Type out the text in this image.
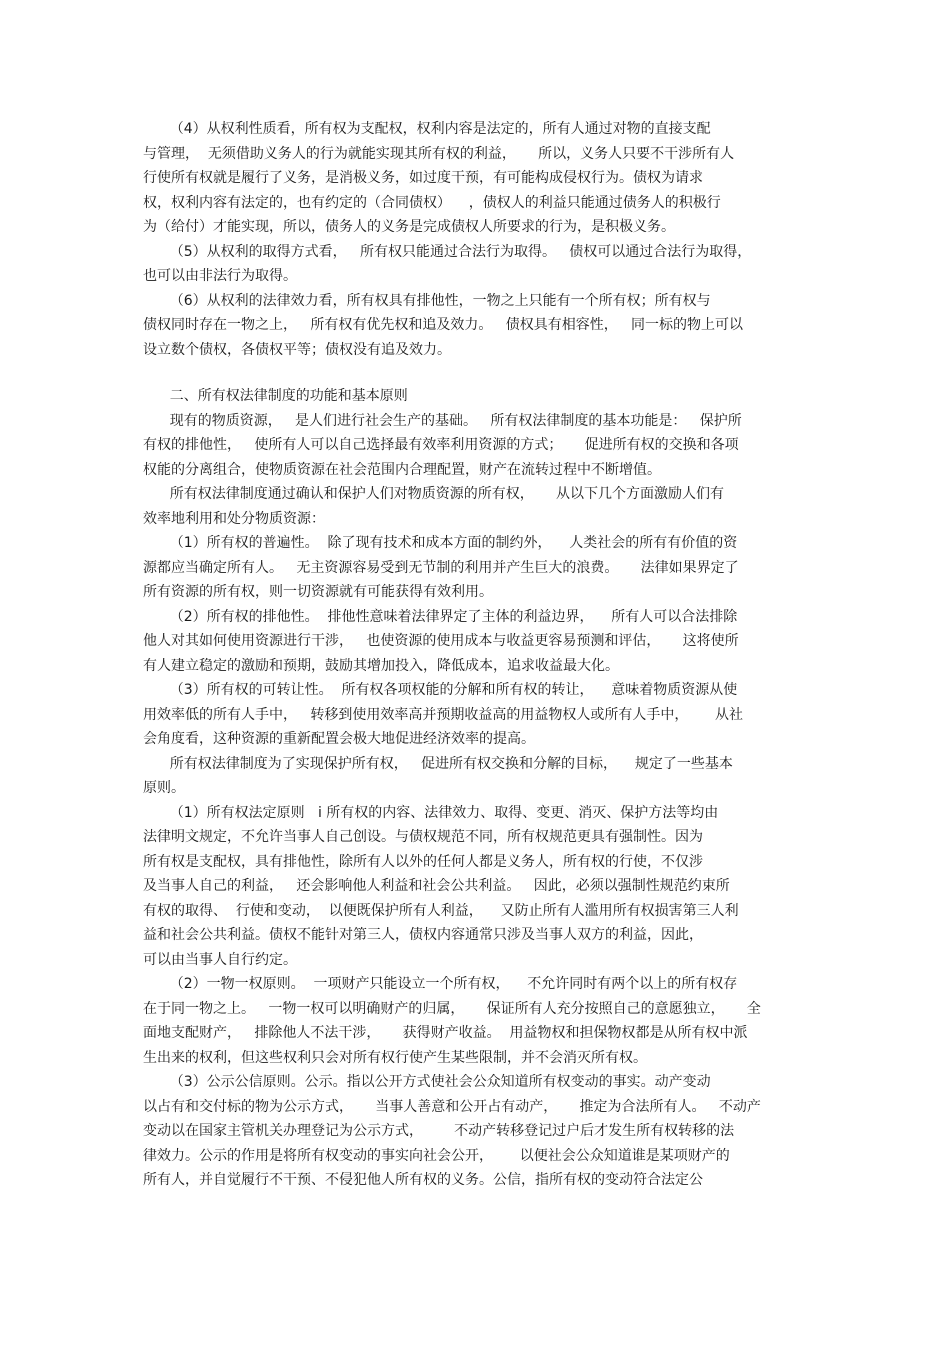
（4）从权利性质看，所有权为支配权，权利内容是法定的，所有人通过对物的直接支配
与管理，  无须借助义务人的行为就能实现其所有权的利益，     所以，义务人只要不干涉所有人
行使所有权就是履行了义务，是消极义务，如过度干预，有可能构成侵权行为。债权为请求
权，权利内容有法定的，也有约定的（合同债权）    ，债权人的利益只能通过债务人的积极行
为（给付）才能实现，所以，债务人的义务是完成债权人所要求的行为，是积极义务。
（5）从权利的取得方式看，   所有权只能通过合法行为取得。   债权可以通过合法行为取得，
也可以由非法行为取得。
（6）从权利的法律效力看，所有权具有排他性，一物之上只能有一个所有权；所有权与
债权同时存在一物之上，   所有权有优先权和追及效力。   债权具有相容性，   同一标的物上可以
设立数个债权，各债权平等；债权没有追及效力。
二、所有权法律制度的功能和基本原则
现有的物质资源，   是人们进行社会生产的基础。   所有权法律制度的基本功能是：   保护所
有权的排他性，   使所有人可以自己选择最有效率利用资源的方式；     促进所有权的交换和各项
权能的分离组合，使物质资源在社会范围内合理配置，财产在流转过程中不断增值。
所有权法律制度通过确认和保护人们对物质资源的所有权，     从以下几个方面激励人们有
效率地利用和处分物质资源：
（1）所有权的普遍性。  除了现有技术和成本方面的制约外，    人类社会的所有有价值的资
源都应当确定所有人。   无主资源容易受到无节制的利用并产生巨大的浪费。     法律如果界定了
所有资源的所有权，则一切资源就有可能获得有效利用。
（2）所有权的排他性。  排他性意味着法律界定了主体的利益边界，    所有人可以合法排除
他人对其如何使用资源进行干涉，   也使资源的使用成本与收益更容易预测和评估，     这将使所
有人建立稳定的激励和预期，鼓励其增加投入，降低成本，追求收益最大化。
（3）所有权的可转让性。  所有权各项权能的分解和所有权的转让，    意味着物质资源从使
用效率低的所有人手中，   转移到使用效率高并预期收益高的用益物权人或所有人手中，      从社
会角度看，这种资源的重新配置会极大地促进经济效率的提高。
所有权法律制度为了实现保护所有权，   促进所有权交换和分解的目标，    规定了一些基本
原则。
（1）所有权法定原则   i 所有权的内容、法律效力、取得、变更、消灭、保护方法等均由
法律明文规定，不允许当事人自己创设。与债权规范不同，所有权规范更具有强制性。因为
所有权是支配权，具有排他性，除所有人以外的任何人都是义务人，所有权的行使，不仅涉
及当事人自己的利益，   还会影响他人利益和社会公共利益。   因此，必须以强制性规范约束所
有权的取得、  行使和变动，  以便既保护所有人利益，    又防止所有人滥用所有权损害第三人利
益和社会公共利益。债权不能针对第三人，债权内容通常只涉及当事人双方的利益，因此，
可以由当事人自行约定。
（2）一物一权原则。  一项财产只能设立一个所有权，    不允许同时有两个以上的所有权存
在于同一物之上。   一物一权可以明确财产的归属，     保证所有人充分按照自己的意愿独立，     全
面地支配财产，   排除他人不法干涉，     获得财产收益。  用益物权和担保物权都是从所有权中派
生出来的权利，但这些权利只会对所有权行使产生某些限制，并不会消灭所有权。
（3）公示公信原则。公示。指以公开方式使社会公众知道所有权变动的事实。动产变动
以占有和交付标的物为公示方式，     当事人善意和公开占有动产，     推定为合法所有人。   不动产
变动以在国家主管机关办理登记为公示方式，       不动产转移登记过户后才发生所有权转移的法
律效力。公示的作用是将所有权变动的事实向社会公开，      以便社会公众知道谁是某项财产的
所有人，并自觉履行不干预、不侵犯他人所有权的义务。公信，指所有权的变动符合法定公
